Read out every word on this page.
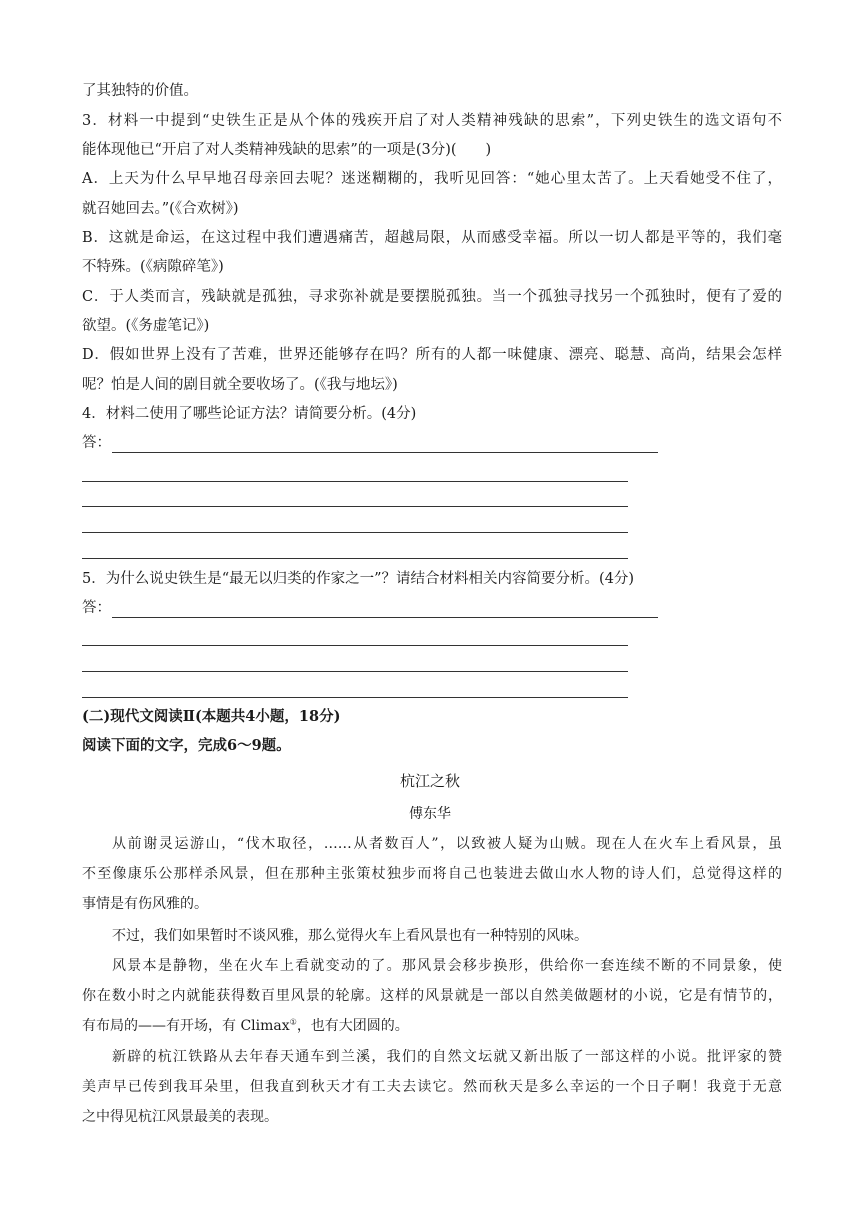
了其独特的价值。
3．材料一中提到“史铁生正是从个体的残疾开启了对人类精神残缺的思索”，下列史铁生的选文语句不
能体现他已“开启了对人类精神残缺的思索”的一项是(3分)(　　)
A．上天为什么早早地召母亲回去呢？迷迷糊糊的，我听见回答：“她心里太苦了。上天看她受不住了，
就召她回去。”(《合欢树》)
B．这就是命运，在这过程中我们遭遇痛苦，超越局限，从而感受幸福。所以一切人都是平等的，我们毫
不特殊。(《病隙碎笔》)
C．于人类而言，残缺就是孤独，寻求弥补就是要摆脱孤独。当一个孤独寻找另一个孤独时，便有了爱的
欲望。(《务虚笔记》)
D．假如世界上没有了苦难，世界还能够存在吗？所有的人都一味健康、漂亮、聪慧、高尚，结果会怎样
呢？怕是人间的剧目就全要收场了。(《我与地坛》)
4．材料二使用了哪些论证方法？请简要分析。(4分)
答：
5．为什么说史铁生是“最无以归类的作家之一”？请结合材料相关内容简要分析。(4分)
答：
(二)现代文阅读Ⅱ(本题共4小题，18分)
阅读下面的文字，完成6～9题。
杭江之秋
傅东华
从前谢灵运游山，“伐木取径，……从者数百人”，以致被人疑为山贼。现在人在火车上看风景，虽
不至像康乐公那样杀风景，但在那种主张策杖独步而将自己也装进去做山水人物的诗人们，总觉得这样的
事情是有伤风雅的。
不过，我们如果暂时不谈风雅，那么觉得火车上看风景也有一种特别的风味。
风景本是静物，坐在火车上看就变动的了。那风景会移步换形，供给你一套连续不断的不同景象，使
你在数小时之内就能获得数百里风景的轮廓。这样的风景就是一部以自然美做题材的小说，它是有情节的，
有布局的——有开场，有 Climax①，也有大团圆的。
新辟的杭江铁路从去年春天通车到兰溪，我们的自然文坛就又新出版了一部这样的小说。批评家的赞
美声早已传到我耳朵里，但我直到秋天才有工夫去读它。然而秋天是多么幸运的一个日子啊！我竟于无意
之中得见杭江风景最美的表现。
